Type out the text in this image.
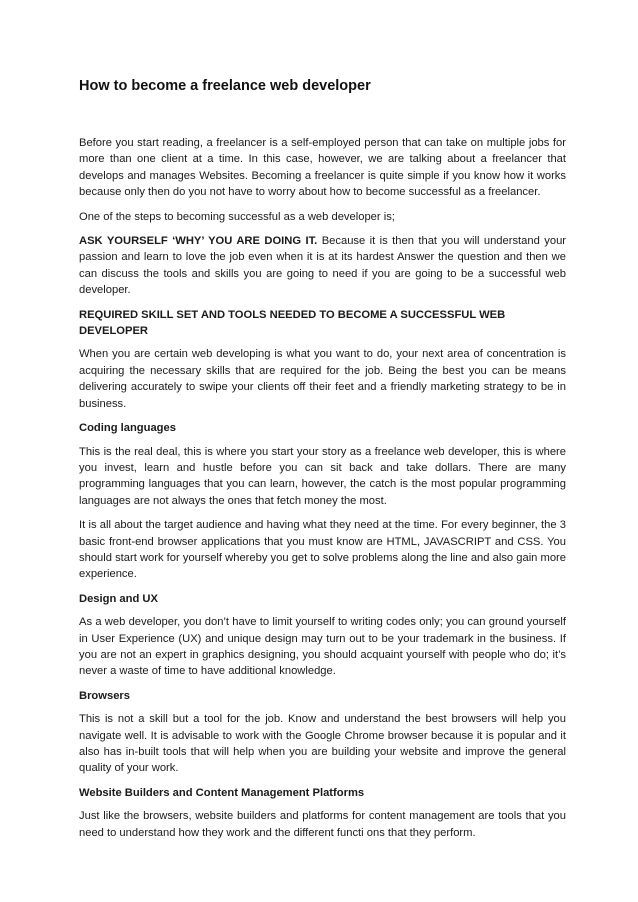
How to become a freelance web developer

Before you start reading, a freelancer is a self-employed person that can take on multiple jobs for more than one client at a time. In this case, however, we are talking about a freelancer that develops and manages Websites. Becoming a freelancer is quite simple if you know how it works because only then do you not have to worry about how to become successful as a freelancer.

One of the steps to becoming successful as a web developer is;

ASK YOURSELF ‘WHY’ YOU ARE DOING IT. Because it is then that you will understand your passion and learn to love the job even when it is at its hardest Answer the question and then we can discuss the tools and skills you are going to need if you are going to be a successful web developer.

REQUIRED SKILL SET AND TOOLS NEEDED TO BECOME A SUCCESSFUL WEB DEVELOPER

When you are certain web developing is what you want to do, your next area of concentration is acquiring the necessary skills that are required for the job. Being the best you can be means delivering accurately to swipe your clients off their feet and a friendly marketing strategy to be in business.

Coding languages

This is the real deal, this is where you start your story as a freelance web developer, this is where you invest, learn and hustle before you can sit back and take dollars. There are many programming languages that you can learn, however, the catch is the most popular programming languages are not always the ones that fetch money the most.

It is all about the target audience and having what they need at the time. For every beginner, the 3 basic front-end browser applications that you must know are HTML, JAVASCRIPT and CSS. You should start work for yourself whereby you get to solve problems along the line and also gain more experience.

Design and UX

As a web developer, you don’t have to limit yourself to writing codes only; you can ground yourself in User Experience (UX) and unique design may turn out to be your trademark in the business. If you are not an expert in graphics designing, you should acquaint yourself with people who do; it’s never a waste of time to have additional knowledge.

Browsers

This is not a skill but a tool for the job. Know and understand the best browsers will help you navigate well. It is advisable to work with the Google Chrome browser because it is popular and it also has in-built tools that will help when you are building your website and improve the general quality of your work.

Website Builders and Content Management Platforms

Just like the browsers, website builders and platforms for content management are tools that you need to understand how they work and the different functi ons that they perform.
